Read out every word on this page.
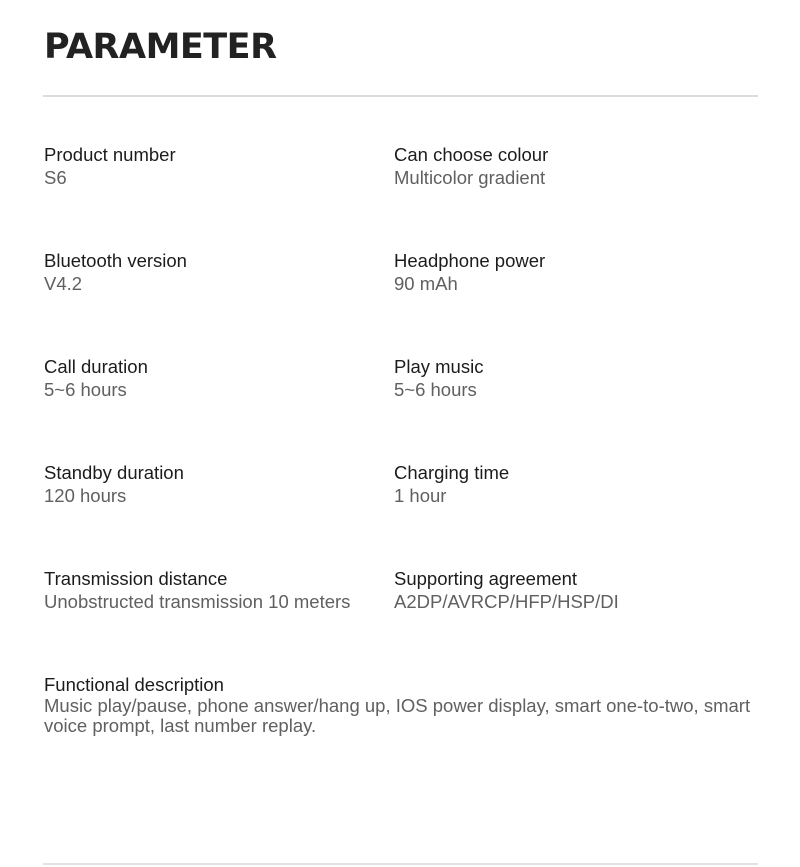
PARAMETER
Product number
S6
Can choose colour
Multicolor gradient
Bluetooth version
V4.2
Headphone power
90 mAh
Call duration
5~6 hours
Play music
5~6 hours
Standby duration
120 hours
Charging time
1 hour
Transmission distance
Unobstructed transmission 10 meters
Supporting agreement
A2DP/AVRCP/HFP/HSP/DI
Functional description
Music play/pause, phone answer/hang up, IOS power display, smart one-to-two, smart voice prompt, last number replay.
